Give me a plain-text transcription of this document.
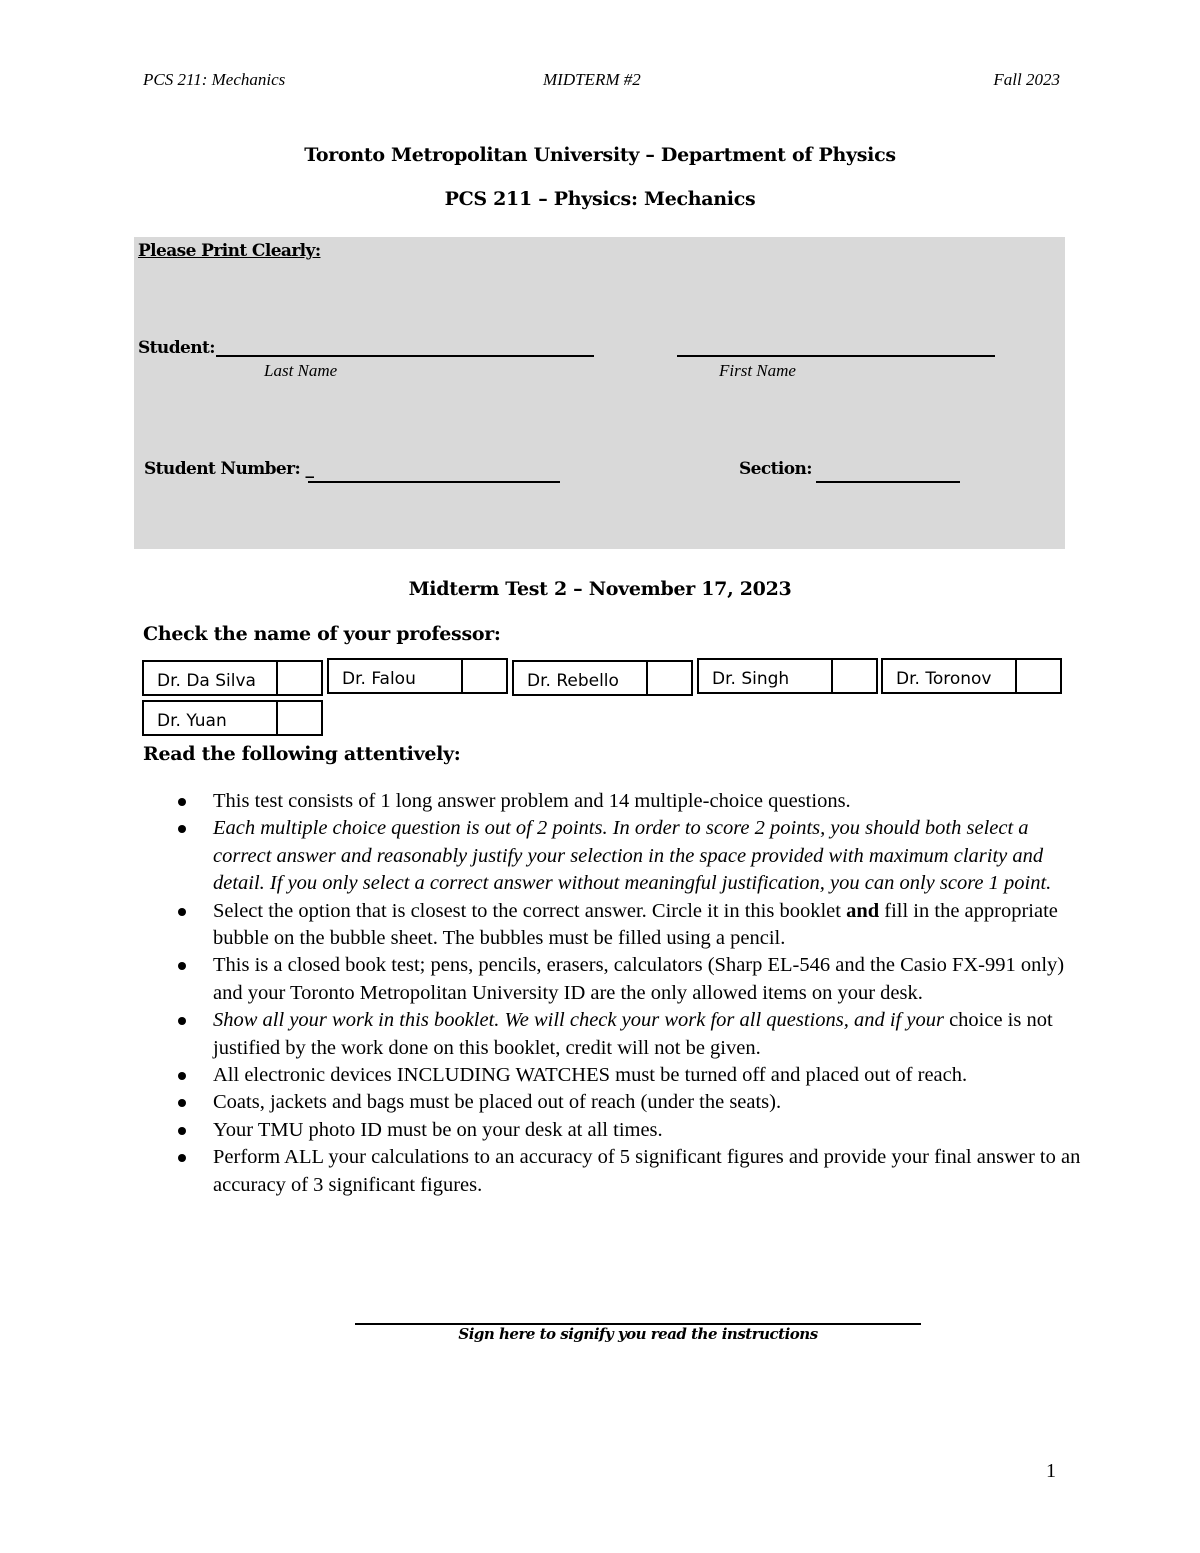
PCS 211: Mechanics	MIDTERM #2	Fall 2023
Toronto Metropolitan University – Department of Physics
PCS 211 – Physics: Mechanics
Please Print Clearly:
Student:
Last Name	First Name
Student Number: _	Section:
Midterm Test 2 – November 17, 2023
Check the name of your professor:
Dr. Da Silva	Dr. Falou	Dr. Rebello	Dr. Singh	Dr. Toronov
Dr. Yuan
Read the following attentively:
This test consists of 1 long answer problem and 14 multiple-choice questions.
Each multiple choice question is out of 2 points. In order to score 2 points, you should both select a correct answer and reasonably justify your selection in the space provided with maximum clarity and detail. If you only select a correct answer without meaningful justification, you can only score 1 point.
Select the option that is closest to the correct answer. Circle it in this booklet and fill in the appropriate bubble on the bubble sheet. The bubbles must be filled using a pencil.
This is a closed book test; pens, pencils, erasers, calculators (Sharp EL-546 and the Casio FX-991 only) and your Toronto Metropolitan University ID are the only allowed items on your desk.
Show all your work in this booklet. We will check your work for all questions, and if your choice is not justified by the work done on this booklet, credit will not be given.
All electronic devices INCLUDING WATCHES must be turned off and placed out of reach.
Coats, jackets and bags must be placed out of reach (under the seats).
Your TMU photo ID must be on your desk at all times.
Perform ALL your calculations to an accuracy of 5 significant figures and provide your final answer to an accuracy of 3 significant figures.
Sign here to signify you read the instructions
1
